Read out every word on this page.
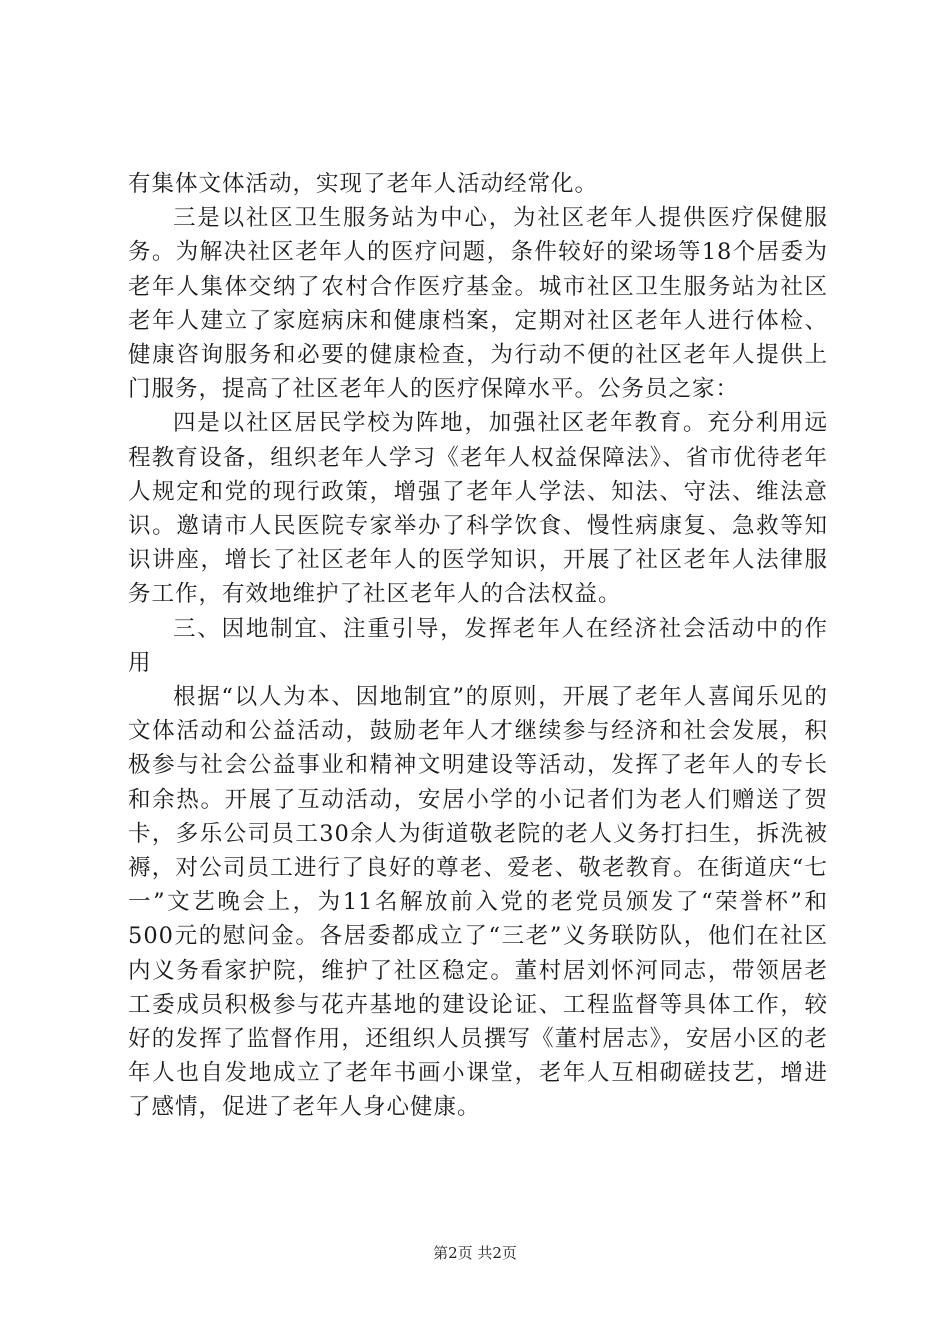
有集体文体活动，实现了老年人活动经常化。

三是以社区卫生服务站为中心，为社区老年人提供医疗保健服务。为解决社区老年人的医疗问题，条件较好的梁场等18个居委为老年人集体交纳了农村合作医疗基金。城市社区卫生服务站为社区老年人建立了家庭病床和健康档案，定期对社区老年人进行体检、健康咨询服务和必要的健康检查，为行动不便的社区老年人提供上门服务，提高了社区老年人的医疗保障水平。公务员之家：

四是以社区居民学校为阵地，加强社区老年教育。充分利用远程教育设备，组织老年人学习《老年人权益保障法》、省市优待老年人规定和党的现行政策，增强了老年人学法、知法、守法、维法意识。邀请市人民医院专家举办了科学饮食、慢性病康复、急救等知识讲座，增长了社区老年人的医学知识，开展了社区老年人法律服务工作，有效地维护了社区老年人的合法权益。

三、因地制宜、注重引导，发挥老年人在经济社会活动中的作用

根据“以人为本、因地制宜”的原则，开展了老年人喜闻乐见的文体活动和公益活动，鼓励老年人才继续参与经济和社会发展，积极参与社会公益事业和精神文明建设等活动，发挥了老年人的专长和余热。开展了互动活动，安居小学的小记者们为老人们赠送了贺卡，多乐公司员工30余人为街道敬老院的老人义务打扫生，拆洗被褥，对公司员工进行了良好的尊老、爱老、敬老教育。在街道庆“七一”文艺晚会上，为11名解放前入党的老党员颁发了“荣誉杯”和500元的慰问金。各居委都成立了“三老”义务联防队，他们在社区内义务看家护院，维护了社区稳定。董村居刘怀河同志，带领居老工委成员积极参与花卉基地的建设论证、工程监督等具体工作，较好的发挥了监督作用，还组织人员撰写《董村居志》，安居小区的老年人也自发地成立了老年书画小课堂，老年人互相砌磋技艺，增进了感情，促进了老年人身心健康。

第2页 共2页
